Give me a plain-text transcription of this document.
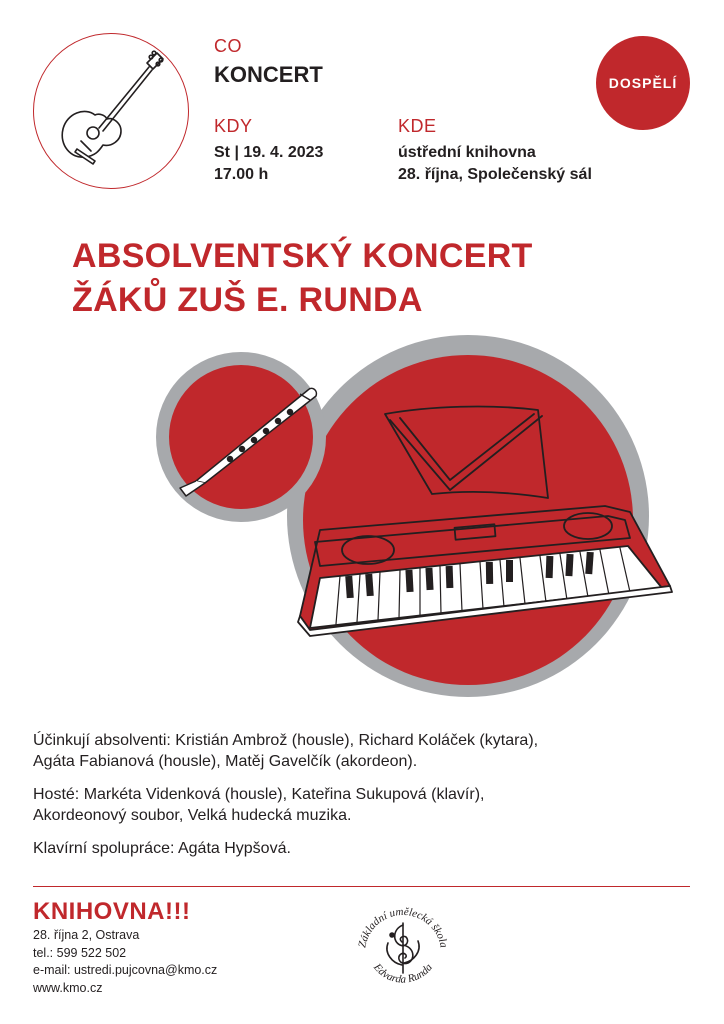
CO
KONCERT
KDY
St | 19. 4. 2023
17.00 h
KDE
ústřední knihovna
28. října, Společenský sál
DOSPĚLÍ
ABSOLVENTSKÝ KONCERT
ŽÁKŮ ZUŠ E. RUNDA
Účinkují absolventi: Kristián Ambrož (housle), Richard Koláček (kytara),
Agáta Fabianová (housle), Matěj Gavelčík (akordeon).
Hosté: Markéta Videnková (housle), Kateřina Sukupová (klavír),
Akordeonový soubor, Velká hudecká muzika.
Klavírní spolupráce: Agáta Hypšová.
KNIHOVNA!!!
28. října 2, Ostrava
tel.: 599 522 502
e-mail: ustredi.pujcovna@kmo.cz
www.kmo.cz
Základní umělecká škola
Edvarda Runda
